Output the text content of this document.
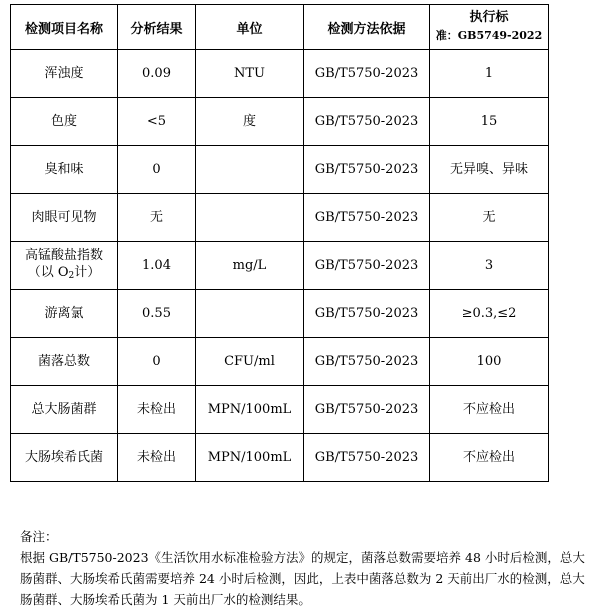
检测项目名称	分析结果	单位	检测方法依据	执行标
准：GB5749-2022

浑浊度	0.09	NTU	GB/T5750-2023	1
色度	<5	度	GB/T5750-2023	15
臭和味	0		GB/T5750-2023	无异嗅、异味
肉眼可见物	无		GB/T5750-2023	无
高锰酸盐指数
（以 $O_2$计）	1.04	mg/L	GB/T5750-2023	3
游离氯	0.55		GB/T5750-2023	≥0.3,≤2
菌落总数	0	CFU/ml	GB/T5750-2023	100
总大肠菌群	未检出	MPN/100mL	GB/T5750-2023	不应检出
大肠埃希氏菌	未检出	MPN/100mL	GB/T5750-2023	不应检出
备注：
根据 GB/T5750-2023《生活饮用水标准检验方法》的规定，菌落总数需要培养 48 小时后检测，总大肠菌群、大肠埃希氏菌需要培养 24 小时后检测，因此，上表中菌落总数为 2 天前出厂水的检测，总大肠菌群、大肠埃希氏菌为 1 天前出厂水的检测结果。
